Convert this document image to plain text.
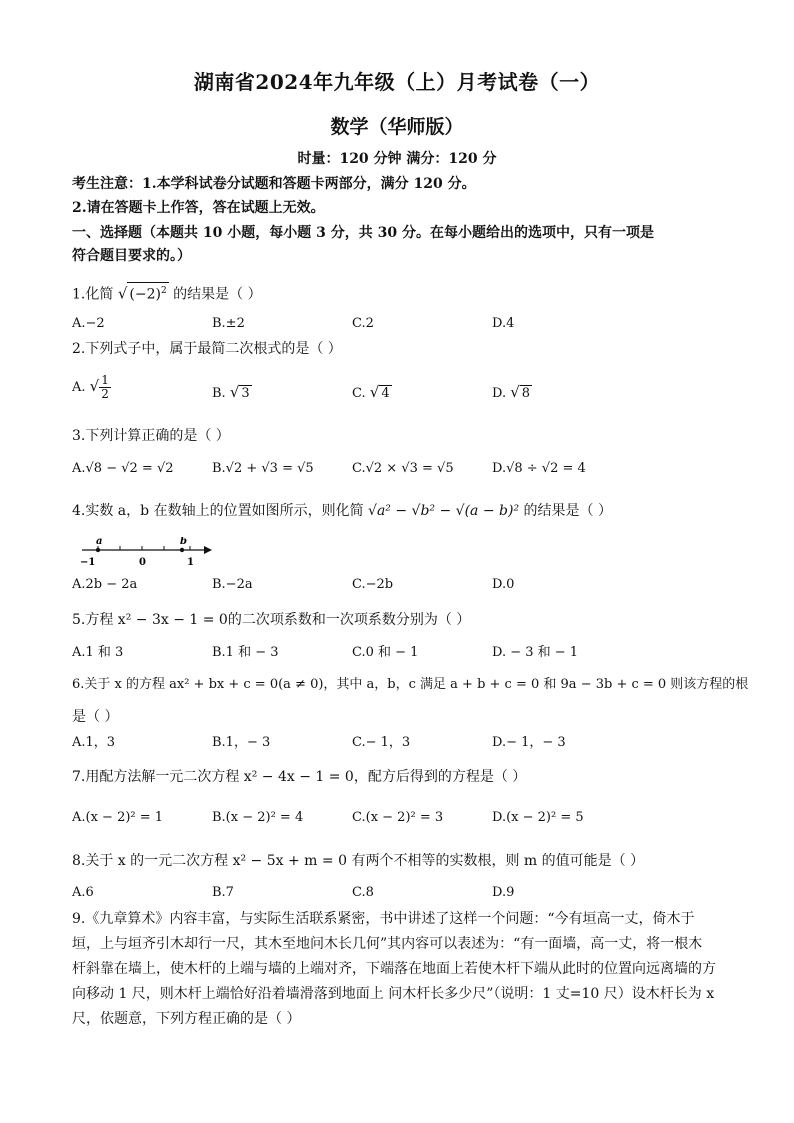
湖南省2024年九年级（上）月考试卷（一）
数学（华师版）
时量：120 分钟 满分：120 分
考生注意：1.本学科试卷分试题和答题卡两部分，满分 120 分。
2.请在答题卡上作答，答在试题上无效。
一、选择题（本题共 10 小题，每小题 3 分，共 30 分。在每小题给出的选项中，只有一项是
符合题目要求的。）
1.化简 √ $(-2)^2$ 的结果是（ ）
A.−2	B.±2	C.2	D.4
2.下列式子中，属于最简二次根式的是（ ）
A. √ $\frac{1}{2}$	B. √ 3	C. √ 4	D. √ 8
3.下列计算正确的是（ ）
A.√8 − √2 = √2	B.√2 + √3 = √5	C.√2 × √3 = √5	D.√8 ÷ √2 = 4
4.实数 a，b 在数轴上的位置如图所示，则化简 √a² − √b² − √(a − b)² 的结果是（ ）
a	b
−1	0	1
A.2b − 2a	B.−2a	C.−2b	D.0
5.方程 x² − 3x − 1 = 0的二次项系数和一次项系数分别为（ ）
A.1 和 3	B.1 和 − 3	C.0 和 − 1	D. − 3 和 − 1
6.关于 x 的方程 ax² + bx + c = 0(a ≠ 0)，其中 a，b，c 满足 a + b + c = 0 和 9a − 3b + c = 0 则该方程的根
是（ ）
A.1，3	B.1，− 3	C.− 1，3	D.− 1，− 3
7.用配方法解一元二次方程 x² − 4x − 1 = 0，配方后得到的方程是（ ）
A.(x − 2)² = 1	B.(x − 2)² = 4	C.(x − 2)² = 3	D.(x − 2)² = 5
8.关于 x 的一元二次方程 x² − 5x + m = 0 有两个不相等的实数根，则 m 的值可能是（ ）
A.6	B.7	C.8	D.9
9.《九章算术》内容丰富，与实际生活联系紧密，书中讲述了这样一个问题：“今有垣高一丈，倚木于
垣，上与垣齐引木却行一尺，其木至地问木长几何”其内容可以表述为：“有一面墙，高一丈，将一根木
杆斜靠在墙上，使木杆的上端与墙的上端对齐，下端落在地面上若使木杆下端从此时的位置向远离墙的方
向移动 1 尺，则木杆上端恰好沿着墙滑落到地面上 问木杆长多少尺”（说明：1 丈=10 尺）设木杆长为 x
尺，依题意，下列方程正确的是（ ）
